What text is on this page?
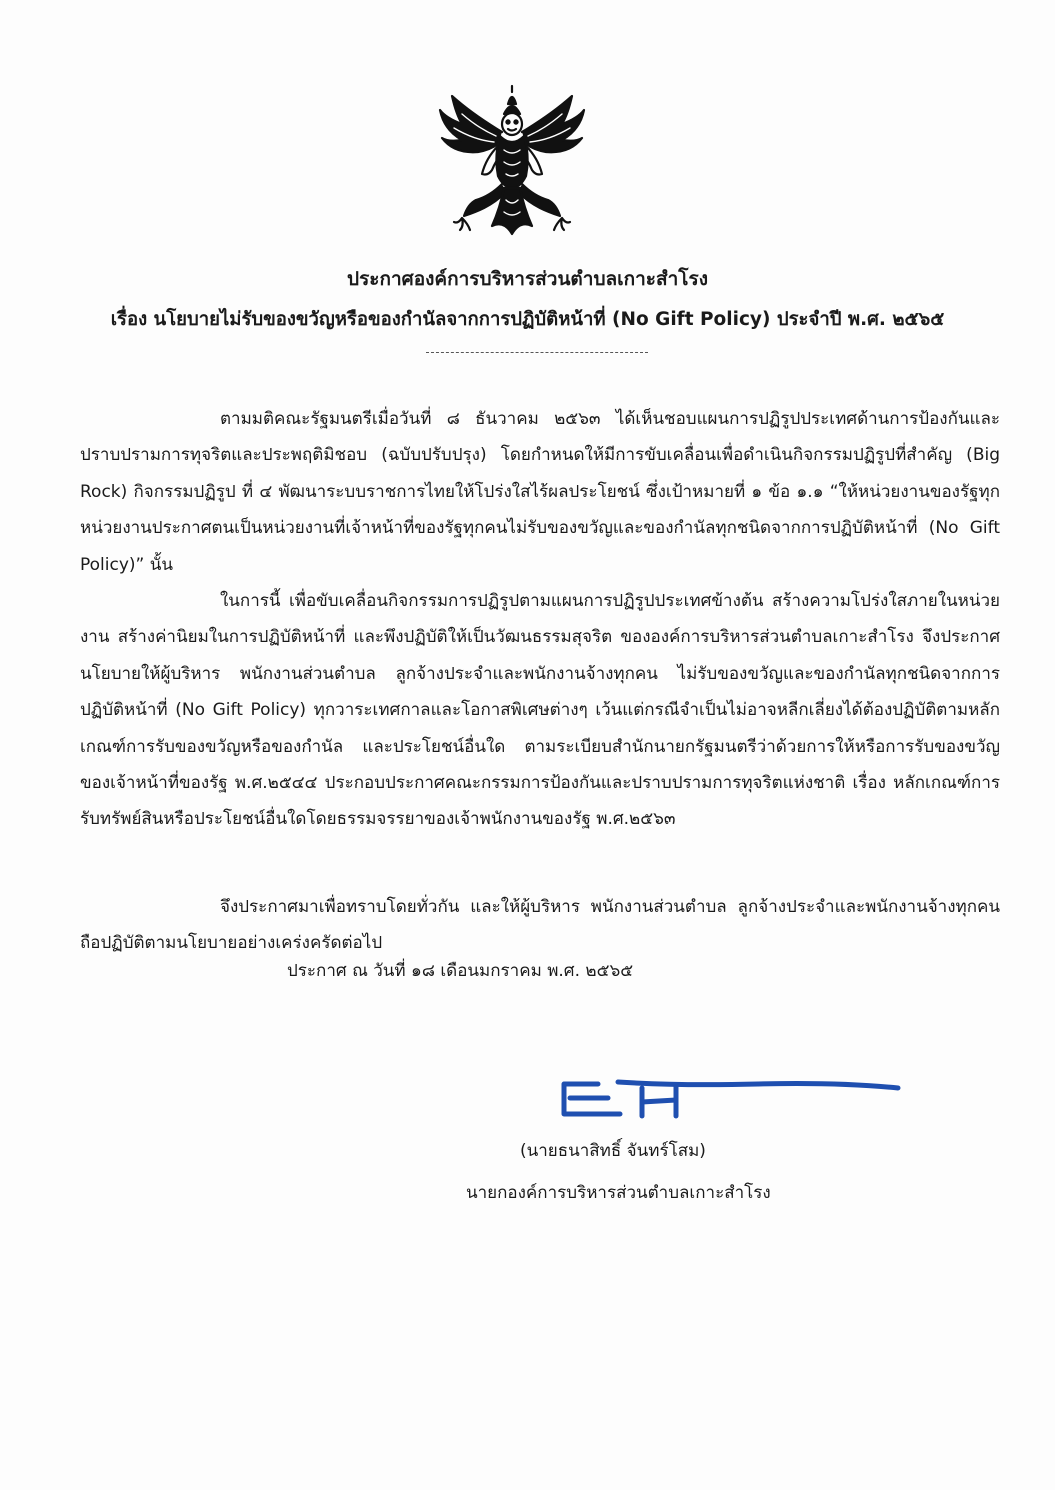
ประกาศองค์การบริหารส่วนตำบลเกาะสำโรง
เรื่อง นโยบายไม่รับของขวัญหรือของกำนัลจากการปฏิบัติหน้าที่ (No Gift Policy) ประจำปี พ.ศ. ๒๕๖๕

ตามมติคณะรัฐมนตรีเมื่อวันที่ ๘ ธันวาคม ๒๕๖๓ ได้เห็นชอบแผนการปฏิรูปประเทศด้านการป้องกันและปราบปรามการทุจริตและประพฤติมิชอบ (ฉบับปรับปรุง) โดยกำหนดให้มีการขับเคลื่อนเพื่อดำเนินกิจกรรมปฏิรูปที่สำคัญ (Big Rock) กิจกรรมปฏิรูป ที่ ๔ พัฒนาระบบราชการไทยให้โปร่งใสไร้ผลประโยชน์ ซึ่งเป้าหมายที่ ๑ ข้อ ๑.๑ “ให้หน่วยงานของรัฐทุกหน่วยงานประกาศตนเป็นหน่วยงานที่เจ้าหน้าที่ของรัฐทุกคนไม่รับของขวัญและของกำนัลทุกชนิดจากการปฏิบัติหน้าที่ (No Gift Policy)” นั้น

ในการนี้ เพื่อขับเคลื่อนกิจกรรมการปฏิรูปตามแผนการปฏิรูปประเทศข้างต้น สร้างความโปร่งใสภายในหน่วยงาน สร้างค่านิยมในการปฏิบัติหน้าที่ และพึงปฏิบัติให้เป็นวัฒนธรรมสุจริต ขององค์การบริหารส่วนตำบลเกาะสำโรง จึงประกาศนโยบายให้ผู้บริหาร พนักงานส่วนตำบล ลูกจ้างประจำและพนักงานจ้างทุกคน ไม่รับของขวัญและของกำนัลทุกชนิดจากการปฏิบัติหน้าที่ (No Gift Policy) ทุกวาระเทศกาลและโอกาสพิเศษต่างๆ เว้นแต่กรณีจำเป็นไม่อาจหลีกเลี่ยงได้ต้องปฏิบัติตามหลักเกณฑ์การรับของขวัญหรือของกำนัล และประโยชน์อื่นใด ตามระเบียบสำนักนายกรัฐมนตรีว่าด้วยการให้หรือการรับของขวัญของเจ้าหน้าที่ของรัฐ พ.ศ.๒๕๔๔ ประกอบประกาศคณะกรรมการป้องกันและปราบปรามการทุจริตแห่งชาติ เรื่อง หลักเกณฑ์การรับทรัพย์สินหรือประโยชน์อื่นใดโดยธรรมจรรยาของเจ้าพนักงานของรัฐ พ.ศ.๒๕๖๓

จึงประกาศมาเพื่อทราบโดยทั่วกัน และให้ผู้บริหาร พนักงานส่วนตำบล ลูกจ้างประจำและพนักงานจ้างทุกคน ถือปฏิบัติตามนโยบายอย่างเคร่งครัดต่อไป

ประกาศ ณ วันที่ ๑๘ เดือนมกราคม พ.ศ. ๒๕๖๕
(นายธนาสิทธิ์ จันทร์โสม)
นายกองค์การบริหารส่วนตำบลเกาะสำโรง
